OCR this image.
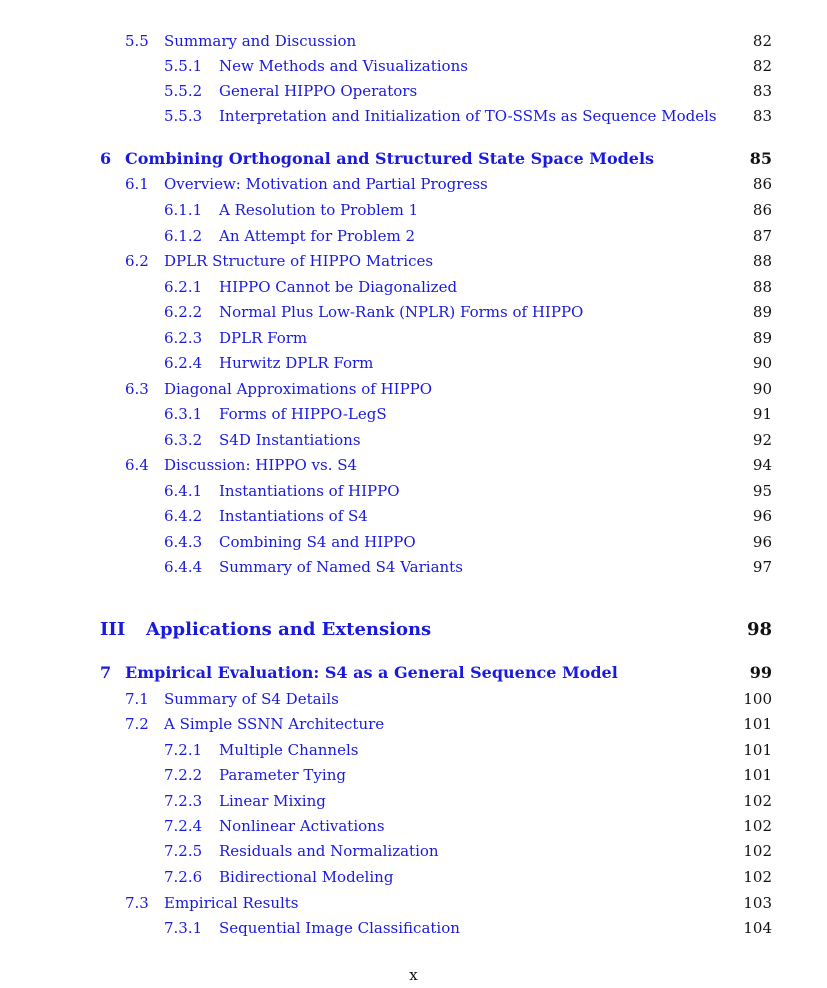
5.5 Summary and Discussion	82
5.5.1 New Methods and Visualizations	82
5.5.2 General HIPPO Operators	83
5.5.3 Interpretation and Initialization of TO-SSMs as Sequence Models	83
6 Combining Orthogonal and Structured State Space Models	85
6.1 Overview: Motivation and Partial Progress	86
6.1.1 A Resolution to Problem 1	86
6.1.2 An Attempt for Problem 2	87
6.2 DPLR Structure of HIPPO Matrices	88
6.2.1 HIPPO Cannot be Diagonalized	88
6.2.2 Normal Plus Low-Rank (NPLR) Forms of HIPPO	89
6.2.3 DPLR Form	89
6.2.4 Hurwitz DPLR Form	90
6.3 Diagonal Approximations of HIPPO	90
6.3.1 Forms of HIPPO-LegS	91
6.3.2 S4D Instantiations	92
6.4 Discussion: HIPPO vs. S4	94
6.4.1 Instantiations of HIPPO	95
6.4.2 Instantiations of S4	96
6.4.3 Combining S4 and HIPPO	96
6.4.4 Summary of Named S4 Variants	97
III Applications and Extensions	98
7 Empirical Evaluation: S4 as a General Sequence Model	99
7.1 Summary of S4 Details	100
7.2 A Simple SSNN Architecture	101
7.2.1 Multiple Channels	101
7.2.2 Parameter Tying	101
7.2.3 Linear Mixing	102
7.2.4 Nonlinear Activations	102
7.2.5 Residuals and Normalization	102
7.2.6 Bidirectional Modeling	102
7.3 Empirical Results	103
7.3.1 Sequential Image Classification	104
x
